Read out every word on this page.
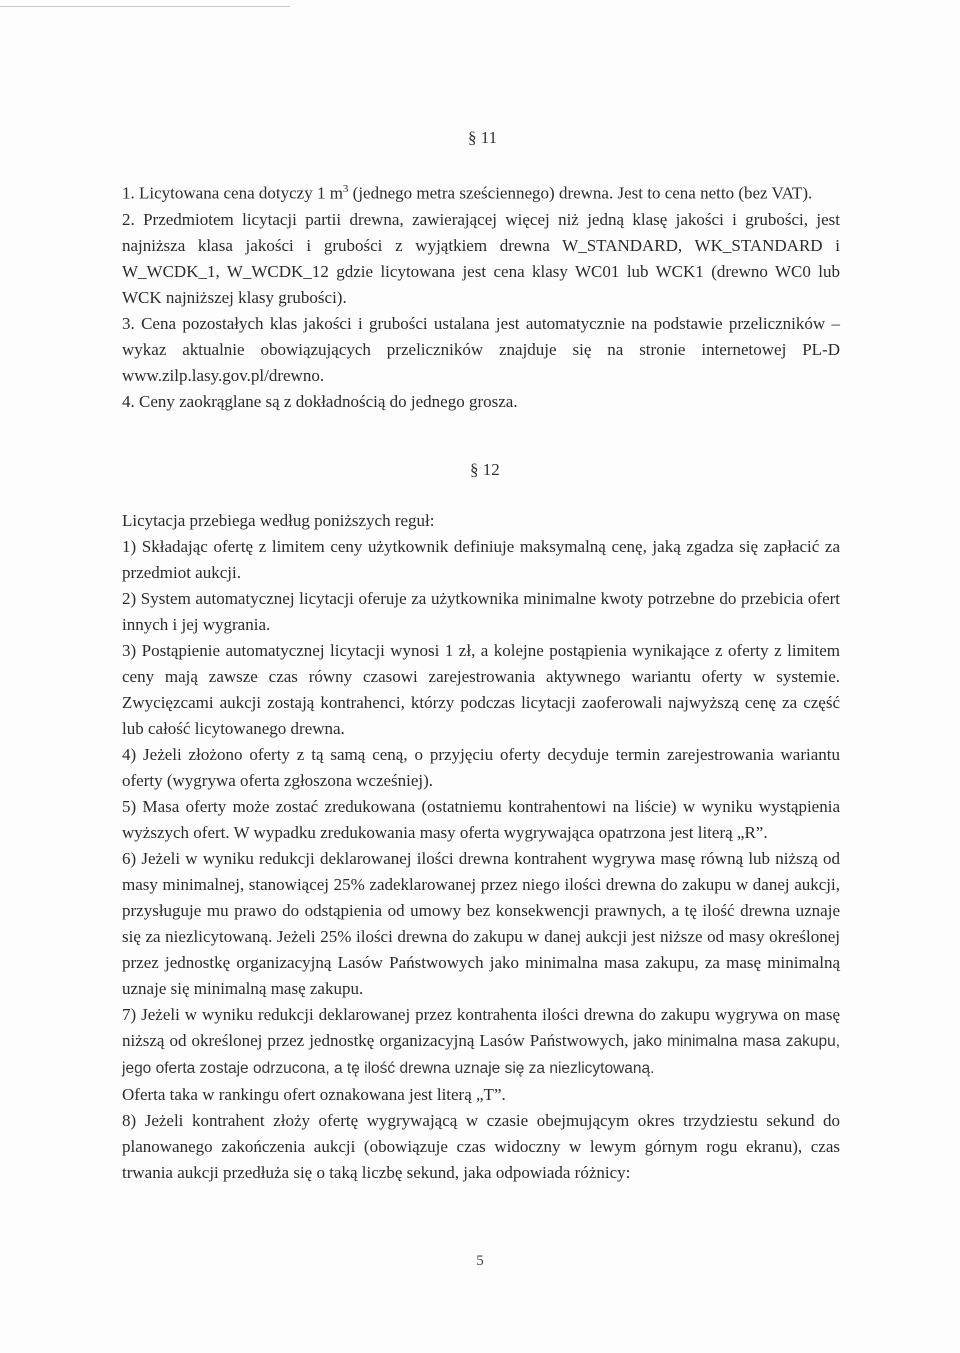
§ 11

1. Licytowana cena dotyczy 1 $m^3$ (jednego metra sześciennego) drewna. Jest to cena netto (bez VAT).

2. Przedmiotem licytacji partii drewna, zawierającej więcej niż jedną klasę jakości i grubości, jest najniższa klasa jakości i grubości z wyjątkiem drewna W_STANDARD, WK_STANDARD i W_WCDK_1, W_WCDK_12 gdzie licytowana jest cena klasy WC01 lub WCK1 (drewno WC0 lub WCK najniższej klasy grubości).

3. Cena pozostałych klas jakości i grubości ustalana jest automatycznie na podstawie przeliczników – wykaz aktualnie obowiązujących przeliczników znajduje się na stronie internetowej PL-D www.zilp.lasy.gov.pl/drewno.

4. Ceny zaokrąglane są z dokładnością do jednego grosza.

§ 12

Licytacja przebiega według poniższych reguł:

1) Składając ofertę z limitem ceny użytkownik definiuje maksymalną cenę, jaką zgadza się zapłacić za przedmiot aukcji.

2) System automatycznej licytacji oferuje za użytkownika minimalne kwoty potrzebne do przebicia ofert innych i jej wygrania.

3) Postąpienie automatycznej licytacji wynosi 1 zł, a kolejne postąpienia wynikające z oferty z limitem ceny mają zawsze czas równy czasowi zarejestrowania aktywnego wariantu oferty w systemie. Zwycięzcami aukcji zostają kontrahenci, którzy podczas licytacji zaoferowali najwyższą cenę za część lub całość licytowanego drewna.

4) Jeżeli złożono oferty z tą samą ceną, o przyjęciu oferty decyduje termin zarejestrowania wariantu oferty (wygrywa oferta zgłoszona wcześniej).

5) Masa oferty może zostać zredukowana (ostatniemu kontrahentowi na liście) w wyniku wystąpienia wyższych ofert. W wypadku zredukowania masy oferta wygrywająca opatrzona jest literą „R”.

6) Jeżeli w wyniku redukcji deklarowanej ilości drewna kontrahent wygrywa masę równą lub niższą od masy minimalnej, stanowiącej 25% zadeklarowanej przez niego ilości drewna do zakupu w danej aukcji, przysługuje mu prawo do odstąpienia od umowy bez konsekwencji prawnych, a tę ilość drewna uznaje się za niezlicytowaną. Jeżeli 25% ilości drewna do zakupu w danej aukcji jest niższe od masy określonej przez jednostkę organizacyjną Lasów Państwowych jako minimalna masa zakupu, za masę minimalną uznaje się minimalną masę zakupu.

7) Jeżeli w wyniku redukcji deklarowanej przez kontrahenta ilości drewna do zakupu wygrywa on masę niższą od określonej przez jednostkę organizacyjną Lasów Państwowych, jako minimalna masa zakupu, jego oferta zostaje odrzucona, a tę ilość drewna uznaje się za niezlicytowaną.

Oferta taka w rankingu ofert oznakowana jest literą „T”.

8) Jeżeli kontrahent złoży ofertę wygrywającą w czasie obejmującym okres trzydziestu sekund do planowanego zakończenia aukcji (obowiązuje czas widoczny w lewym górnym rogu ekranu), czas trwania aukcji przedłuża się o taką liczbę sekund, jaka odpowiada różnicy:

5
